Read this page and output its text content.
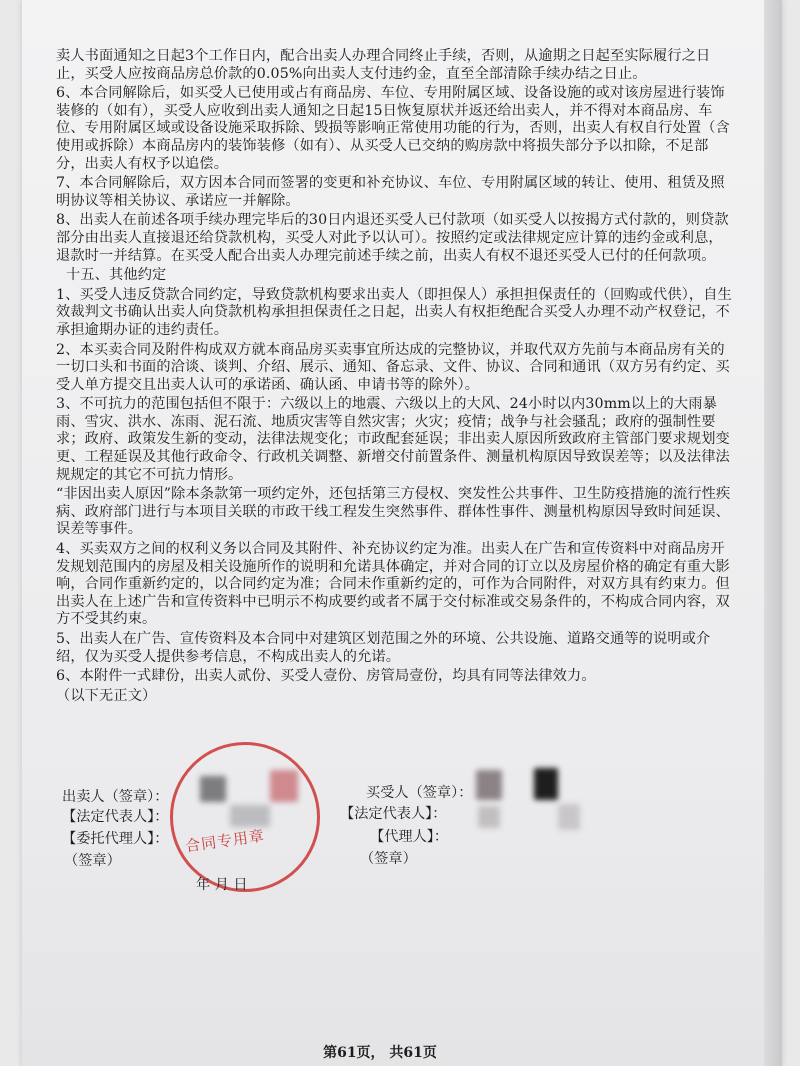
卖人书面通知之日起3个工作日内，配合出卖人办理合同终止手续，否则，从逾期之日起至实际履行之日止，买受人应按商品房总价款的0.05%向出卖人支付违约金，直至全部清除手续办结之日止。

6、本合同解除后，如买受人已使用或占有商品房、车位、专用附属区域、设备设施的或对该房屋进行装饰装修的（如有），买受人应收到出卖人通知之日起15日恢复原状并返还给出卖人，并不得对本商品房、车位、专用附属区域或设备设施采取拆除、毁损等影响正常使用功能的行为，否则，出卖人有权自行处置（含使用或拆除）本商品房内的装饰装修（如有）、从买受人已交纳的购房款中将损失部分予以扣除，不足部分，出卖人有权予以追偿。

7、本合同解除后，双方因本合同而签署的变更和补充协议、车位、专用附属区域的转让、使用、租赁及照明协议等相关协议、承诺应一并解除。

8、出卖人在前述各项手续办理完毕后的30日内退还买受人已付款项（如买受人以按揭方式付款的，则贷款部分由出卖人直接退还给贷款机构，买受人对此予以认可）。按照约定或法律规定应计算的违约金或利息，退款时一并结算。在买受人配合出卖人办理完前述手续之前，出卖人有权不退还买受人已付的任何款项。

十五、其他约定

1、买受人违反贷款合同约定，导致贷款机构要求出卖人（即担保人）承担担保责任的（回购或代供），自生效裁判文书确认出卖人向贷款机构承担担保责任之日起，出卖人有权拒绝配合买受人办理不动产权登记，不承担逾期办证的违约责任。

2、本买卖合同及附件构成双方就本商品房买卖事宜所达成的完整协议，并取代双方先前与本商品房有关的一切口头和书面的洽谈、谈判、介绍、展示、通知、备忘录、文件、协议、合同和通讯（双方另有约定、买受人单方提交且出卖人认可的承诺函、确认函、申请书等的除外）。

3、不可抗力的范围包括但不限于：六级以上的地震、六级以上的大风、24小时以内30mm以上的大雨暴雨、雪灾、洪水、冻雨、泥石流、地质灾害等自然灾害；火灾；疫情；战争与社会骚乱；政府的强制性要求；政府、政策发生新的变动，法律法规变化；市政配套延误；非出卖人原因所致政府主管部门要求规划变更、工程延误及其他行政命令、行政机关调整、新增交付前置条件、测量机构原因导致误差等；以及法律法规规定的其它不可抗力情形。

“非因出卖人原因”除本条款第一项约定外，还包括第三方侵权、突发性公共事件、卫生防疫措施的流行性疾病、政府部门进行与本项目关联的市政干线工程发生突然事件、群体性事件、测量机构原因导致时间延误、误差等事件。

4、买卖双方之间的权利义务以合同及其附件、补充协议约定为准。出卖人在广告和宣传资料中对商品房开发规划范围内的房屋及相关设施所作的说明和允诺具体确定，并对合同的订立以及房屋价格的确定有重大影响，合同作重新约定的，以合同约定为准；合同未作重新约定的，可作为合同附件，对双方具有约束力。但出卖人在上述广告和宣传资料中已明示不构成要约或者不属于交付标准或交易条件的，不构成合同内容，双方不受其约束。

5、出卖人在广告、宣传资料及本合同中对建筑区划范围之外的环境、公共设施、道路交通等的说明或介绍，仅为买受人提供参考信息，不构成出卖人的允诺。

6、本附件一式肆份，出卖人贰份、买受人壹份、房管局壹份，均具有同等法律效力。

（以下无正文）

合同专用章
出卖人（签章）：
【法定代表人】：
【委托代理人】：
（签章）
年 月 日
买受人（签章）：
【法定代表人】：
【代理人】：
（签章）
第61页， 共61页
